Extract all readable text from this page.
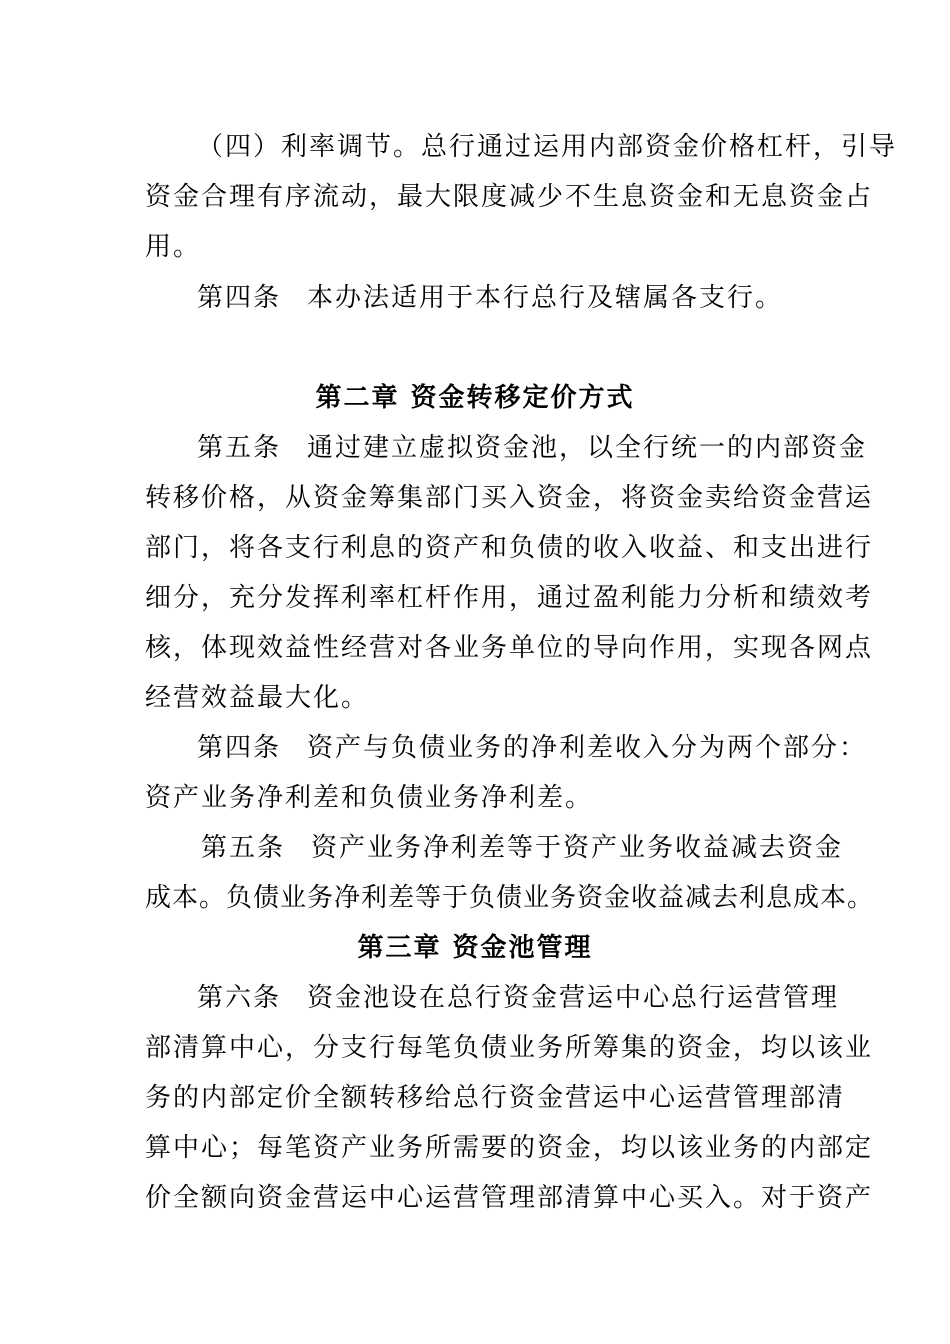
（四）利率调节。总行通过运用内部资金价格杠杆，引导
资金合理有序流动，最大限度减少不生息资金和无息资金占
用。
第四条 本办法适用于本行总行及辖属各支行。
第二章 资金转移定价方式
第五条 通过建立虚拟资金池，以全行统一的内部资金
转移价格，从资金筹集部门买入资金，将资金卖给资金营运
部门，将各支行利息的资产和负债的收入收益、和支出进行
细分，充分发挥利率杠杆作用，通过盈利能力分析和绩效考
核，体现效益性经营对各业务单位的导向作用，实现各网点
经营效益最大化。
第四条 资产与负债业务的净利差收入分为两个部分：
资产业务净利差和负债业务净利差。
第五条 资产业务净利差等于资产业务收益减去资金
成本。负债业务净利差等于负债业务资金收益减去利息成本。
第三章 资金池管理
第六条 资金池设在总行资金营运中心总行运营管理
部清算中心，分支行每笔负债业务所筹集的资金，均以该业
务的内部定价全额转移给总行资金营运中心运营管理部清
算中心；每笔资产业务所需要的资金，均以该业务的内部定
价全额向资金营运中心运营管理部清算中心买入。对于资产
